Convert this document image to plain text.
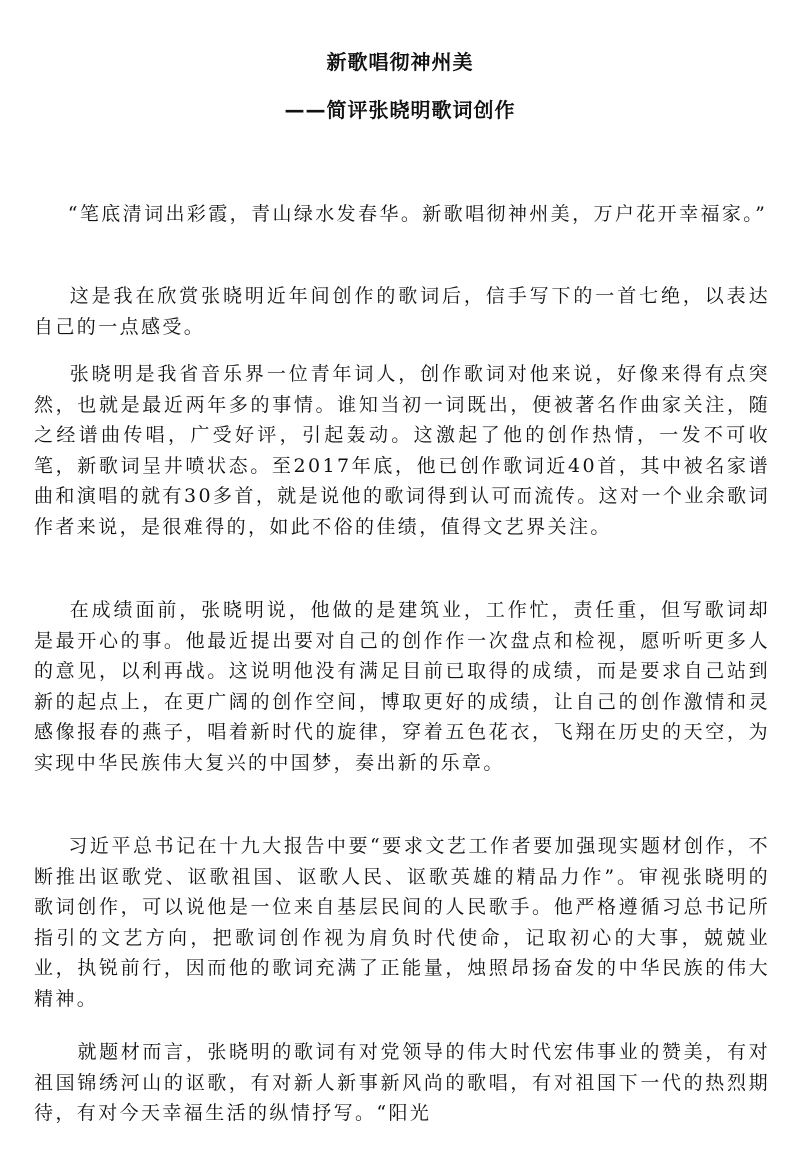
新歌唱彻神州美
——简评张晓明歌词创作

“笔底清词出彩霞，青山绿水发春华。新歌唱彻神州美，万户花开幸福家。”

这是我在欣赏张晓明近年间创作的歌词后，信手写下的一首七绝，以表达自己的一点感受。

张晓明是我省音乐界一位青年词人，创作歌词对他来说，好像来得有点突然，也就是最近两年多的事情。谁知当初一词既出，便被著名作曲家关注，随之经谱曲传唱，广受好评，引起轰动。这激起了他的创作热情，一发不可收笔，新歌词呈井喷状态。至2017年底，他已创作歌词近40首，其中被名家谱曲和演唱的就有30多首，就是说他的歌词得到认可而流传。这对一个业余歌词作者来说，是很难得的，如此不俗的佳绩，值得文艺界关注。

在成绩面前，张晓明说，他做的是建筑业，工作忙，责任重，但写歌词却是最开心的事。他最近提出要对自己的创作作一次盘点和检视，愿听听更多人的意见，以利再战。这说明他没有满足目前已取得的成绩，而是要求自己站到新的起点上，在更广阔的创作空间，博取更好的成绩，让自己的创作激情和灵感像报春的燕子，唱着新时代的旋律，穿着五色花衣，飞翔在历史的天空，为实现中华民族伟大复兴的中国梦，奏出新的乐章。

习近平总书记在十九大报告中要“要求文艺工作者要加强现实题材创作，不断推出讴歌党、讴歌祖国、讴歌人民、讴歌英雄的精品力作”。审视张晓明的歌词创作，可以说他是一位来自基层民间的人民歌手。他严格遵循习总书记所指引的文艺方向，把歌词创作视为肩负时代使命，记取初心的大事，兢兢业业，执锐前行，因而他的歌词充满了正能量，烛照昂扬奋发的中华民族的伟大精神。

就题材而言，张晓明的歌词有对党领导的伟大时代宏伟事业的赞美，有对祖国锦绣河山的讴歌，有对新人新事新风尚的歌唱，有对祖国下一代的热烈期待，有对今天幸福生活的纵情抒写。“阳光
